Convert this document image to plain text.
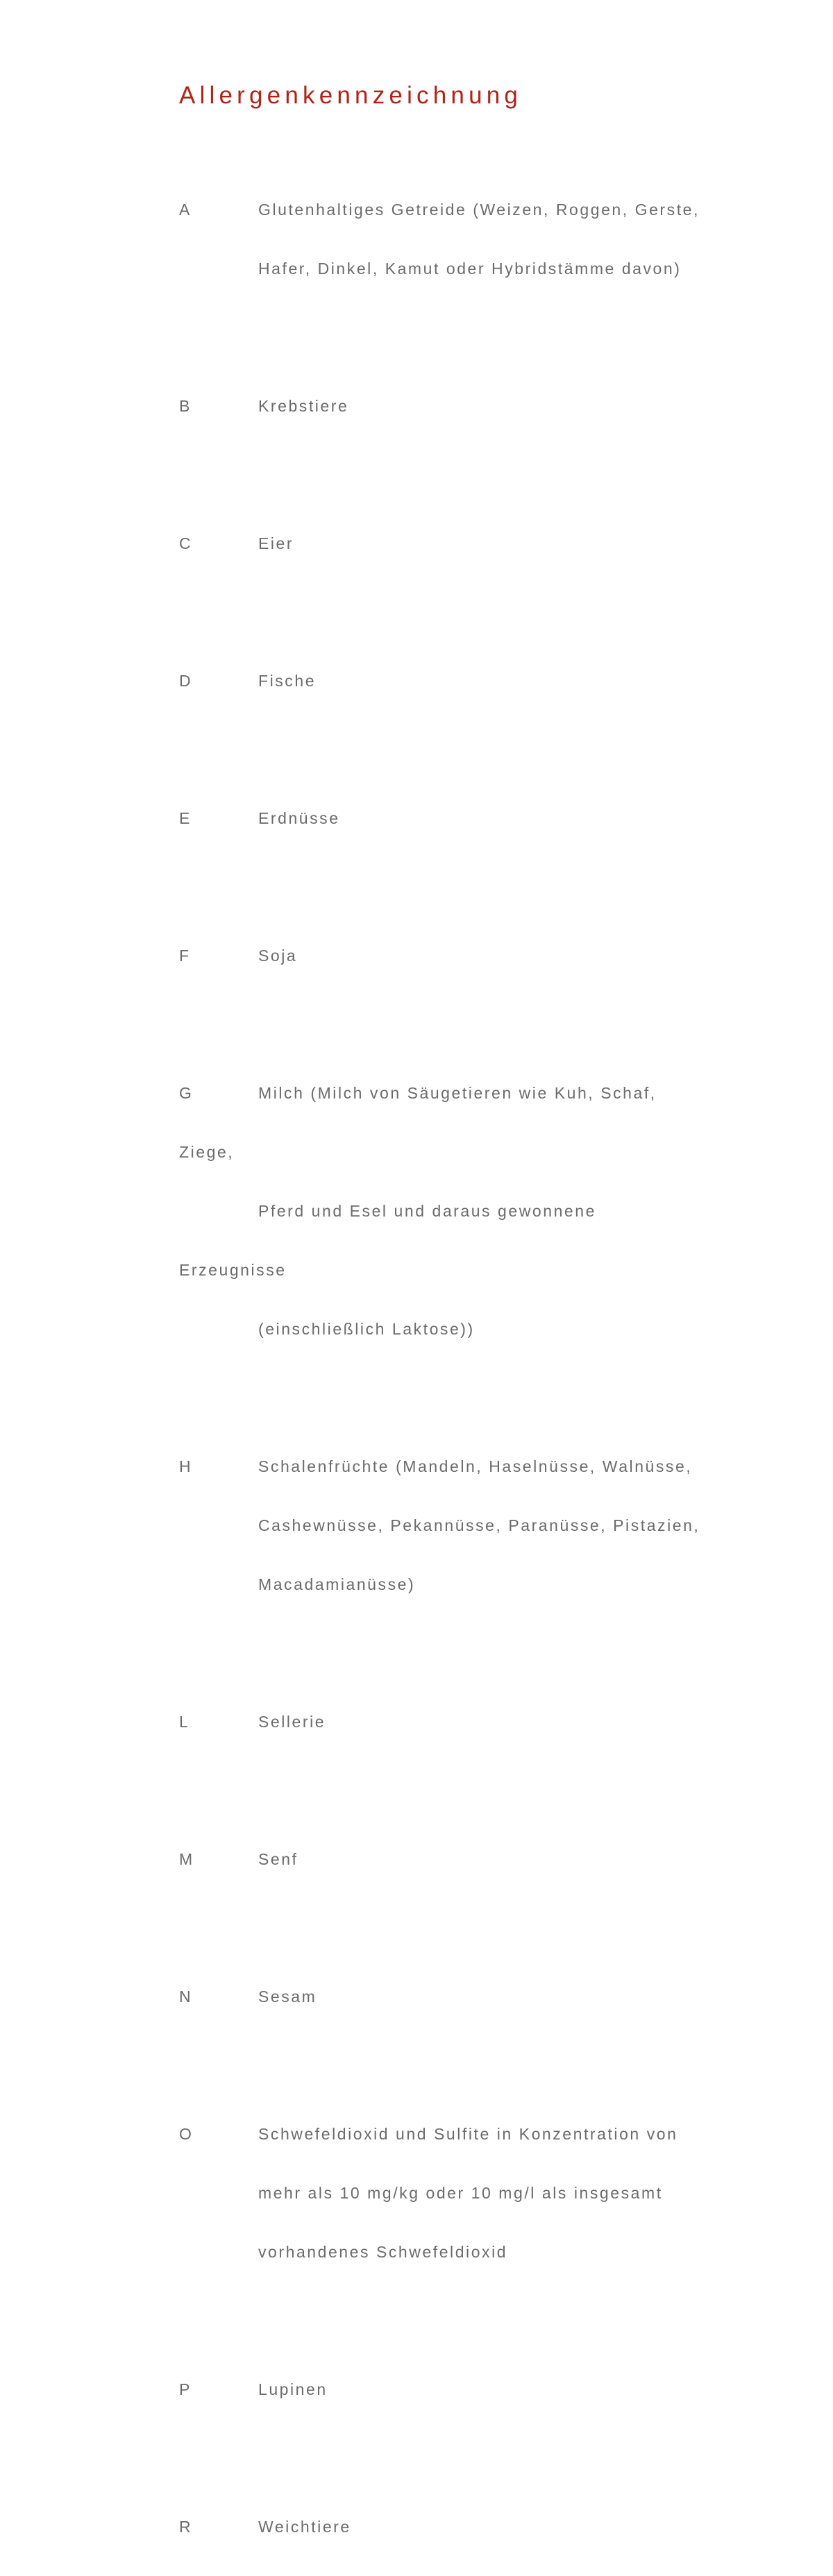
Allergenkennzeichnung

A	Glutenhaltiges Getreide (Weizen, Roggen, Gerste,

Hafer, Dinkel, Kamut oder Hybridstämme davon)

B	Krebstiere

C	Eier

D	Fische

E	Erdnüsse

F	Soja

G	Milch (Milch von Säugetieren wie Kuh, Schaf,

Ziege,

Pferd und Esel und daraus gewonnene

Erzeugnisse

(einschließlich Laktose))

H	Schalenfrüchte (Mandeln, Haselnüsse, Walnüsse,

Cashewnüsse, Pekannüsse, Paranüsse, Pistazien,

Macadamianüsse)

L	Sellerie

M	Senf

N	Sesam

O	Schwefeldioxid und Sulfite in Konzentration von

mehr als 10 mg/kg oder 10 mg/l als insgesamt

vorhandenes Schwefeldioxid

P	Lupinen

R	Weichtiere
